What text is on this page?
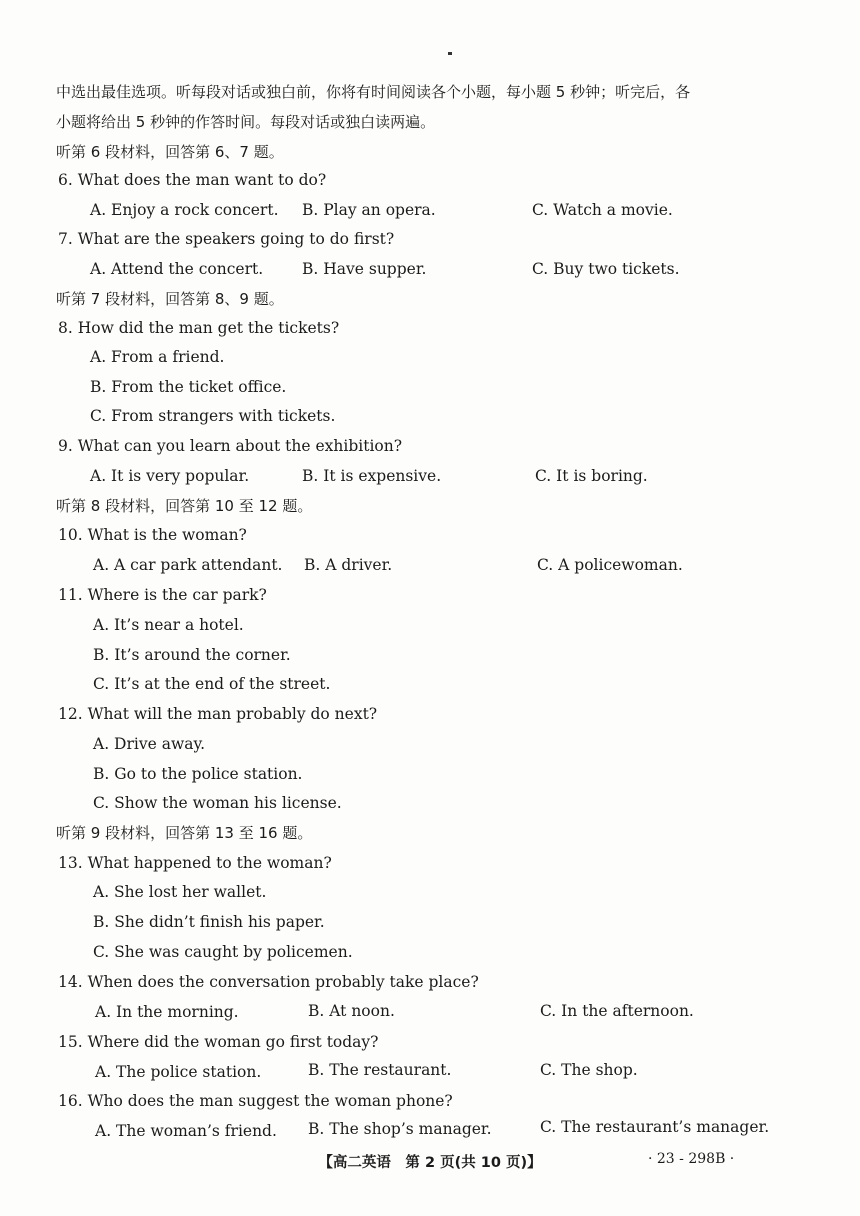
中选出最佳选项。听每段对话或独白前，你将有时间阅读各个小题，每小题 5 秒钟；听完后，各
小题将给出 5 秒钟的作答时间。每段对话或独白读两遍。
听第 6 段材料，回答第 6、7 题。
6. What does the man want to do?
A. Enjoy a rock concert. B. Play an opera.	C. Watch a movie.
7. What are the speakers going to do first?
A. Attend the concert.	B. Have supper.	C. Buy two tickets.
听第 7 段材料，回答第 8、9 题。
8. How did the man get the tickets?
A. From a friend.
B. From the ticket office.
C. From strangers with tickets.
9. What can you learn about the exhibition?
A. It is very popular.	B. It is expensive.	C. It is boring.
听第 8 段材料，回答第 10 至 12 题。
10. What is the woman?
A. A car park attendant. B. A driver.	C. A policewoman.
11. Where is the car park?
A. It’s near a hotel.
B. It’s around the corner.
C. It’s at the end of the street.
12. What will the man probably do next?
A. Drive away.
B. Go to the police station.
C. Show the woman his license.
听第 9 段材料，回答第 13 至 16 题。
13. What happened to the woman?
A. She lost her wallet.
B. She didn’t finish his paper.
C. She was caught by policemen.
14. When does the conversation probably take place?
A. In the morning.	B. At noon.	C. In the afternoon.
15. Where did the woman go first today?
A. The police station.	B. The restaurant.	C. The shop.
16. Who does the man suggest the woman phone?
A. The woman’s friend. B. The shop’s manager.	C. The restaurant’s manager.
【高二英语　第 2 页(共 10 页)】	· 23 - 298B ·
